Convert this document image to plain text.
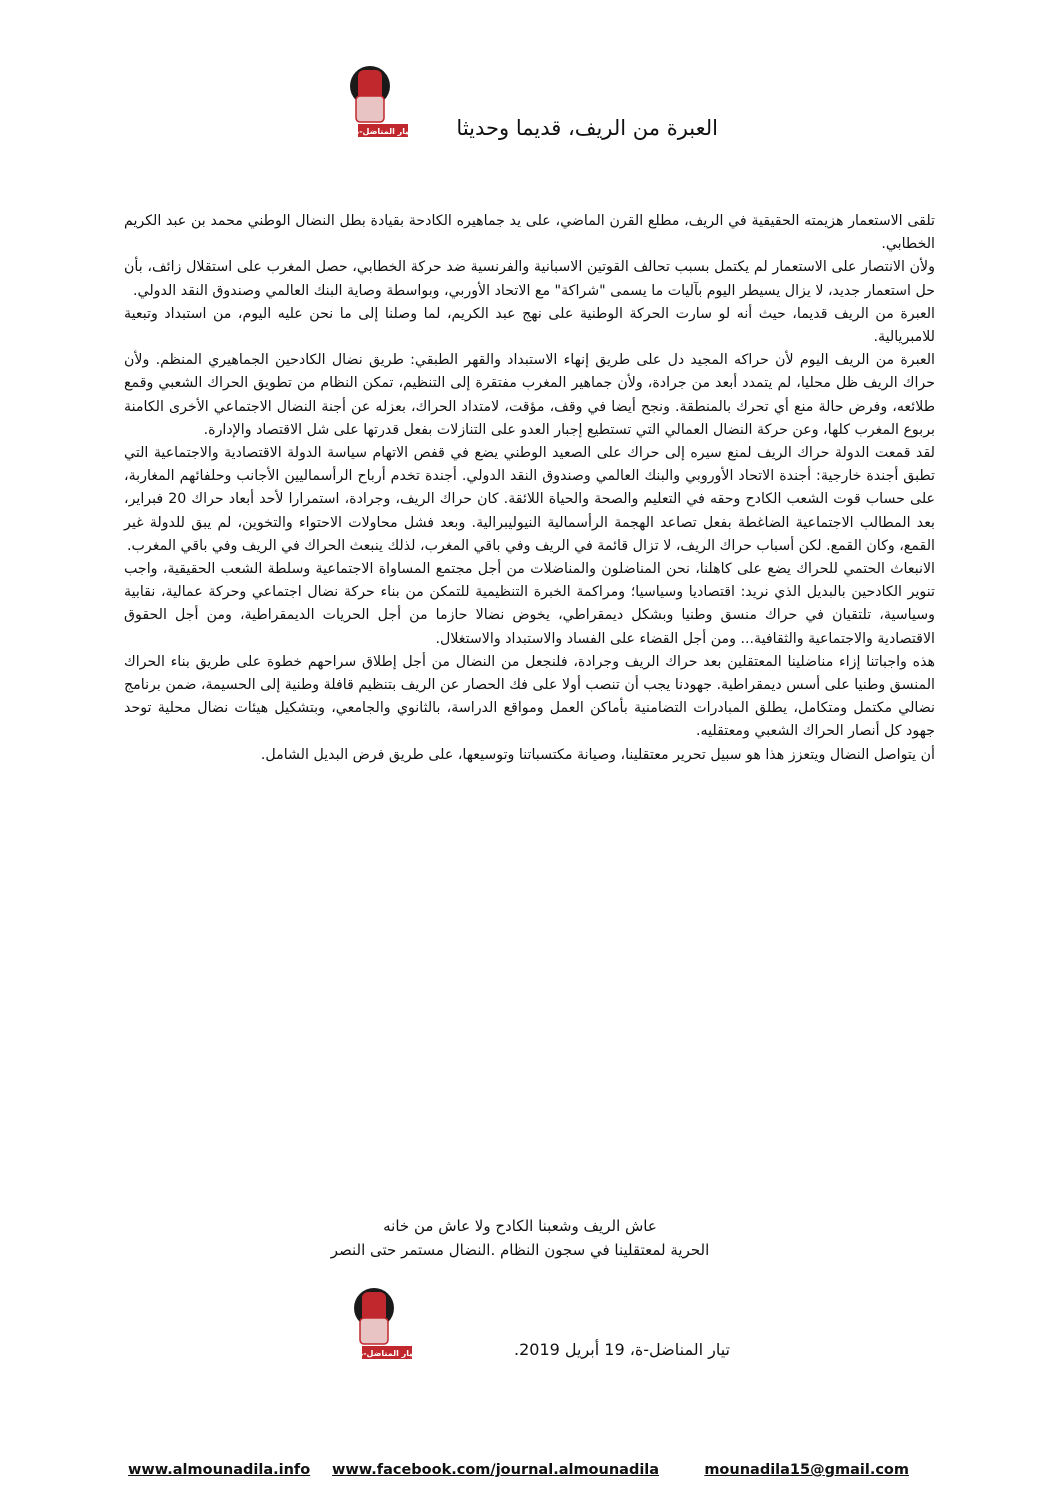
تيار المناضل-ة العبرة من الريف، قديما وحديثا

تلقى الاستعمار هزيمته الحقيقية في الريف، مطلع القرن الماضي، على يد جماهيره الكادحة بقيادة بطل النضال الوطني محمد بن عبد الكريم الخطابي.

ولأن الانتصار على الاستعمار لم يكتمل بسبب تحالف القوتين الاسبانية والفرنسية ضد حركة الخطابي، حصل المغرب على استقلال زائف، بأن حل استعمار جديد، لا يزال يسيطر اليوم بآليات ما يسمى "شراكة" مع الاتحاد الأوربي، وبواسطة وصاية البنك العالمي وصندوق النقد الدولي.

العبرة من الريف قديما، حيث أنه لو سارت الحركة الوطنية على نهج عبد الكريم، لما وصلنا إلى ما نحن عليه اليوم، من استبداد وتبعية للامبريالية.

العبرة من الريف اليوم لأن حراكه المجيد دل على طريق إنهاء الاستبداد والقهر الطبقي: طريق نضال الكادحين الجماهيري المنظم. ولأن حراك الريف ظل محليا، لم يتمدد أبعد من جرادة، ولأن جماهير المغرب مفتقرة إلى التنظيم، تمكن النظام من تطويق الحراك الشعبي وقمع طلائعه، وفرض حالة منع أي تحرك بالمنطقة. ونجح أيضا في وقف، مؤقت، لامتداد الحراك، بعزله عن أجنة النضال الاجتماعي الأخرى الكامنة بربوع المغرب كلها، وعن حركة النضال العمالي التي تستطيع إجبار العدو على التنازلات بفعل قدرتها على شل الاقتصاد والإدارة.

لقد قمعت الدولة حراك الريف لمنع سيره إلى حراك على الصعيد الوطني يضع في قفص الاتهام سياسة الدولة الاقتصادية والاجتماعية التي تطبق أجندة خارجية: أجندة الاتحاد الأوروبي والبنك العالمي وصندوق النقد الدولي. أجندة تخدم أرباح الرأسماليين الأجانب وحلفائهم المغاربة، على حساب قوت الشعب الكادح وحقه في التعليم والصحة والحياة اللائقة. كان حراك الريف، وجرادة، استمرارا لأحد أبعاد حراك 20 فبراير، بعد المطالب الاجتماعية الضاغطة بفعل تصاعد الهجمة الرأسمالية النيوليبرالية. وبعد فشل محاولات الاحتواء والتخوين، لم يبق للدولة غير القمع، وكان القمع. لكن أسباب حراك الريف، لا تزال قائمة في الريف وفي باقي المغرب، لذلك ينبعث الحراك في الريف وفي باقي المغرب.

الانبعاث الحتمي للحراك يضع على كاهلنا، نحن المناضلون والمناضلات من أجل مجتمع المساواة الاجتماعية وسلطة الشعب الحقيقية، واجب تنوير الكادحين بالبديل الذي نريد: اقتصاديا وسياسيا؛ ومراكمة الخبرة التنظيمية للتمكن من بناء حركة نضال اجتماعي وحركة عمالية، نقابية وسياسية، تلتقيان في حراك منسق وطنيا وبشكل ديمقراطي، يخوض نضالا حازما من أجل الحريات الديمقراطية، ومن أجل الحقوق الاقتصادية والاجتماعية والثقافية... ومن أجل القضاء على الفساد والاستبداد والاستغلال.

هذه واجباتنا إزاء مناضلينا المعتقلين بعد حراك الريف وجرادة، فلنجعل من النضال من أجل إطلاق سراحهم خطوة على طريق بناء الحراك المنسق وطنيا على أسس ديمقراطية. جهودنا يجب أن تنصب أولا على فك الحصار عن الريف بتنظيم قافلة وطنية إلى الحسيمة، ضمن برنامج نضالي مكتمل ومتكامل، يطلق المبادرات التضامنية بأماكن العمل ومواقع الدراسة، بالثانوي والجامعي، وبتشكيل هيئات نضال محلية توحد جهود كل أنصار الحراك الشعبي ومعتقليه.

أن يتواصل النضال ويتعزز هذا هو سبيل تحرير معتقلينا، وصيانة مكتسباتنا وتوسيعها، على طريق فرض البديل الشامل.

عاش الريف وشعبنا الكادح ولا عاش من خانه

الحرية لمعتقلينا في سجون النظام .النضال مستمر حتى النصر

تيار المناضل-ة	تيار المناضل-ة، 19 أبريل 2019.
www.almounadila.info www.facebook.com/journal.almounadila	mounadila15@gmail.com
